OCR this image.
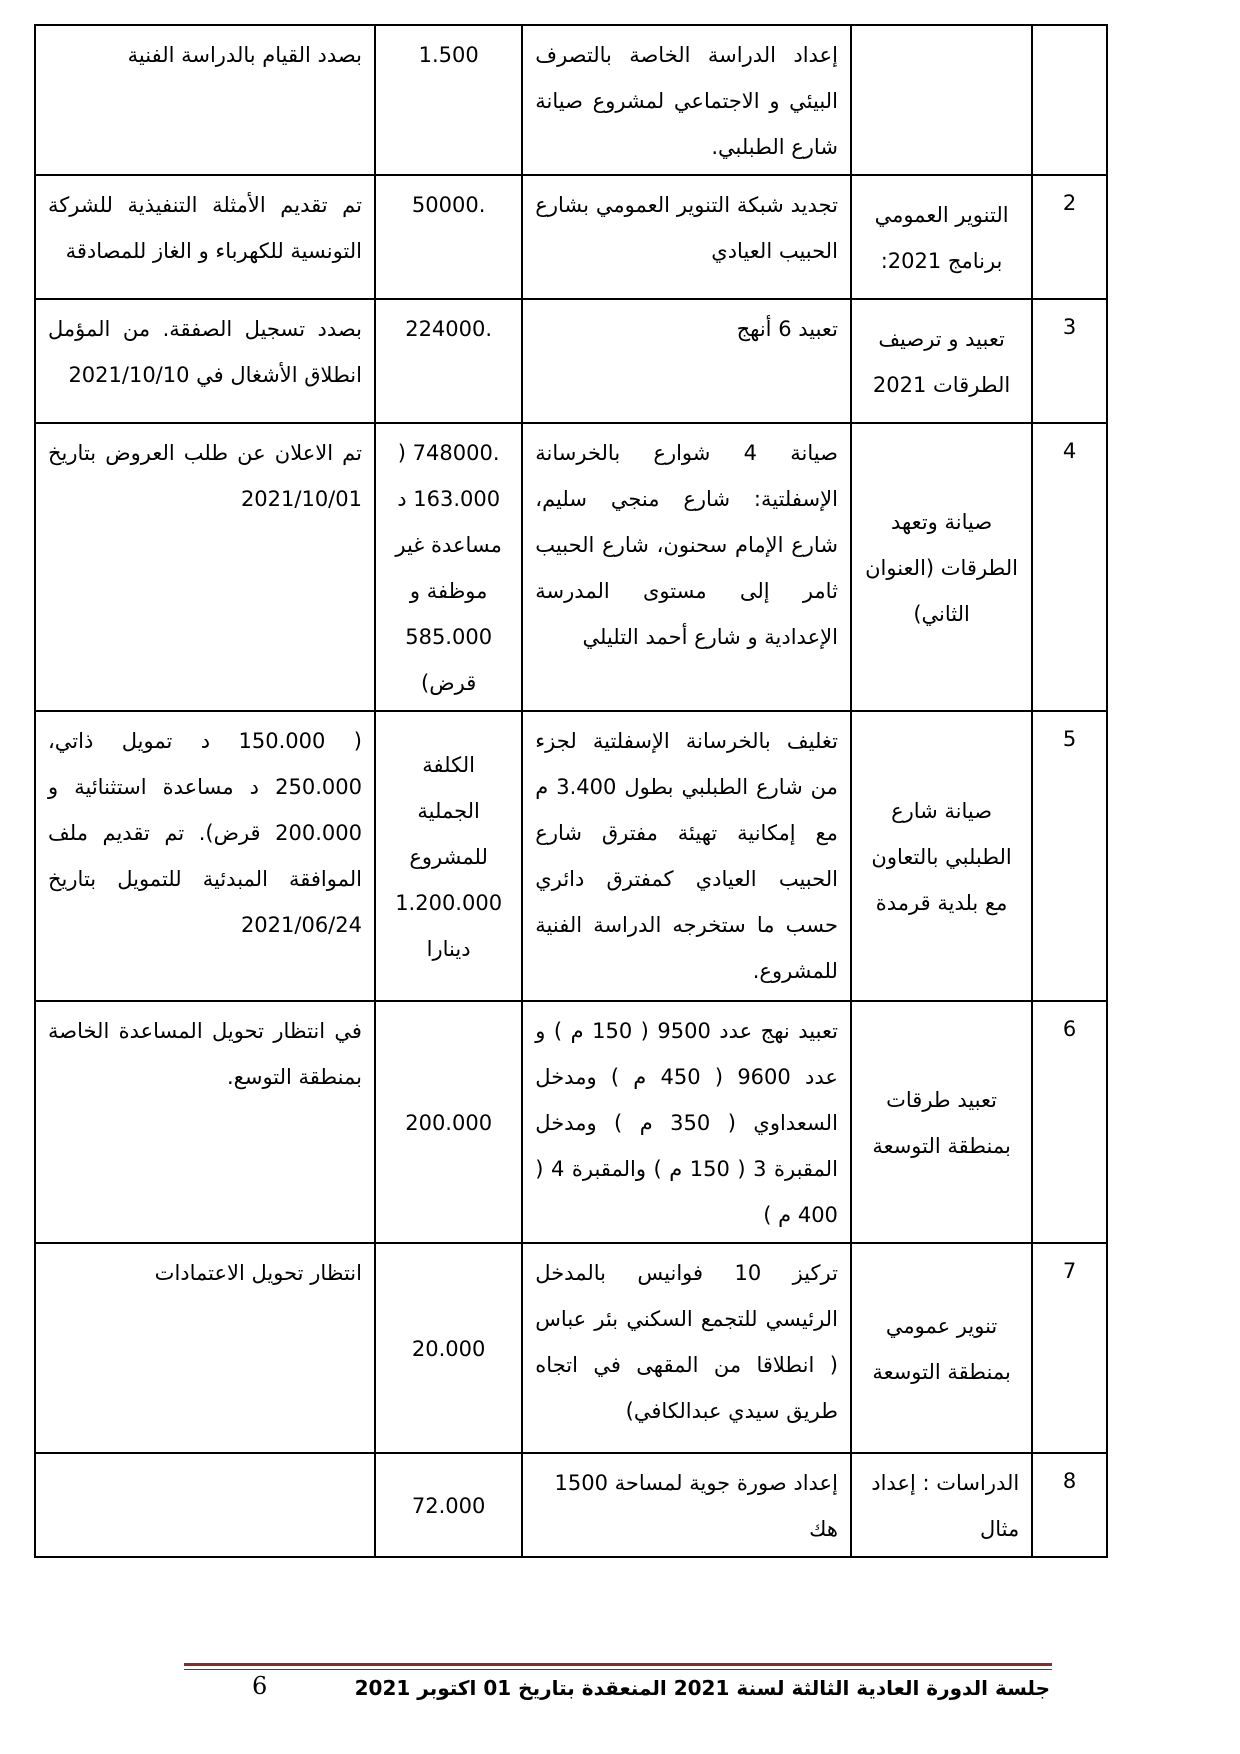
		إعداد الدراسة الخاصة بالتصرف البيئي و الاجتماعي لمشروع صيانة شارع الطبلبي.	1.500	بصدد القيام بالدراسة الفنية
2	التنوير العمومي برنامج 2021:	تجديد شبكة التنوير العمومي بشارع الحبيب العيادي	.50000	تم تقديم الأمثلة التنفيذية للشركة التونسية للكهرباء و الغاز للمصادقة
3	تعبيد و ترصيف الطرقات 2021	تعبيد 6 أنهج	.224000	بصدد تسجيل الصفقة. من المؤمل انطلاق الأشغال في 2021/10/10
4	صيانة وتعهد الطرقات (العنوان الثاني)	صيانة 4 شوارع بالخرسانة الإسفلتية: شارع منجي سليم، شارع الإمام سحنون، شارع الحبيب ثامر إلى مستوى المدرسة الإعدادية و شارع أحمد التليلي	.748000 ( 163.000 د مساعدة غير موظفة و 585.000 قرض)	تم الاعلان عن طلب العروض بتاريخ 2021/10/01
5	صيانة شارع الطبلبي بالتعاون مع بلدية قرمدة	تغليف بالخرسانة الإسفلتية لجزء من شارع الطبلبي بطول 3.400 م مع إمكانية تهيئة مفترق شارع الحبيب العيادي كمفترق دائري حسب ما ستخرجه الدراسة الفنية للمشروع.	الكلفة الجملية للمشروع 1.200.000 دينارا	( 150.000 د تمويل ذاتي، 250.000 د مساعدة استثنائية و 200.000 قرض). تم تقديم ملف الموافقة المبدئية للتمويل بتاريخ 2021/06/24
6	تعبيد طرقات بمنطقة التوسعة	تعبيد نهج عدد 9500 ( 150 م ) و عدد 9600 ( 450 م ) ومدخل السعداوي ( 350 م ) ومدخل المقبرة 3 ( 150 م ) والمقبرة 4 ( 400 م )	200.000	في انتظار تحويل المساعدة الخاصة بمنطقة التوسع.
7	تنوير عمومي بمنطقة التوسعة	تركيز 10 فوانيس بالمدخل الرئيسي للتجمع السكني بئر عباس ( انطلاقا من المقهى في اتجاه طريق سيدي عبدالكافي)	20.000	انتظار تحويل الاعتمادات
8	الدراسات : إعداد مثال	إعداد صورة جوية لمساحة 1500 هك	72.000	
جلسة الدورة العادية الثالثة لسنة 2021 المنعقدة بتاريخ 01 اكتوبر 2021
6
